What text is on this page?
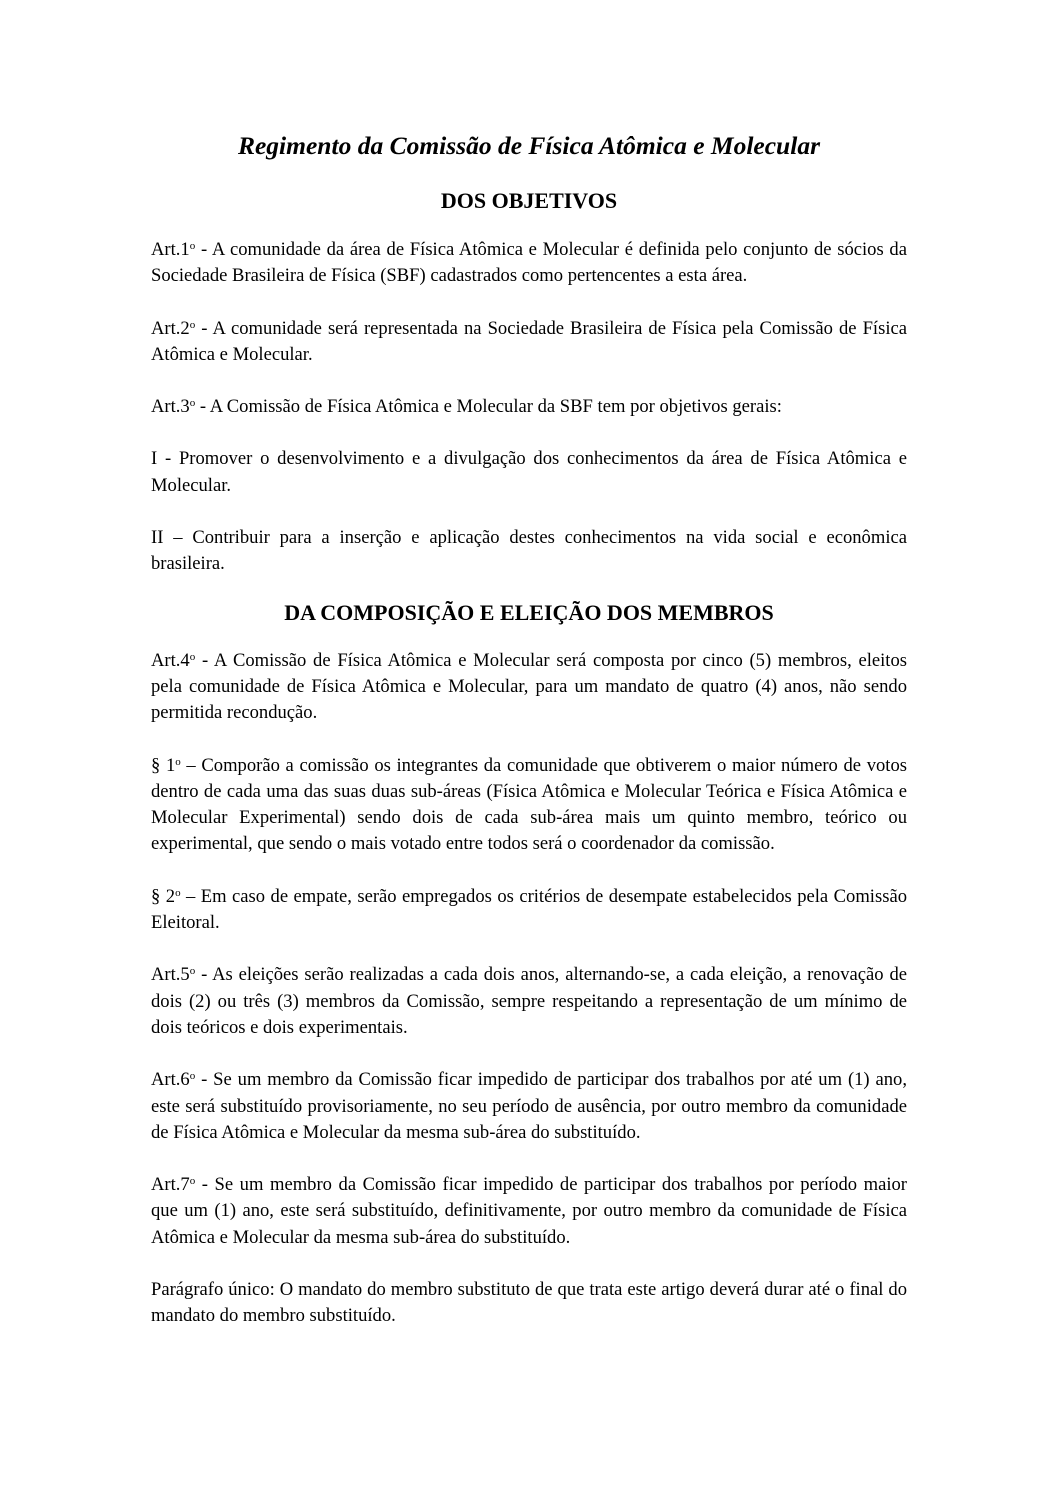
Regimento da Comissão de Física Atômica e Molecular
DOS OBJETIVOS

Art.1$^o$ - A comunidade da área de Física Atômica e Molecular é definida pelo conjunto de sócios da Sociedade Brasileira de Física (SBF) cadastrados como pertencentes a esta área.

Art.2$^o$ - A comunidade será representada na Sociedade Brasileira de Física pela Comissão de Física Atômica e Molecular.

Art.3$^o$ - A Comissão de Física Atômica e Molecular da SBF tem por objetivos gerais:

I - Promover o desenvolvimento e a divulgação dos conhecimentos da área de Física Atômica e Molecular.

II – Contribuir para a inserção e aplicação destes conhecimentos na vida social e econômica brasileira.

DA COMPOSIÇÃO E ELEIÇÃO DOS MEMBROS

Art.4$^o$ - A Comissão de Física Atômica e Molecular será composta por cinco (5) membros, eleitos pela comunidade de Física Atômica e Molecular, para um mandato de quatro (4) anos, não sendo permitida recondução.

§ 1$^o$ – Comporão a comissão os integrantes da comunidade que obtiverem o maior número de votos dentro de cada uma das suas duas sub-áreas (Física Atômica e Molecular Teórica e Física Atômica e Molecular Experimental) sendo dois de cada sub-área mais um quinto membro, teórico ou experimental, que sendo o mais votado entre todos será o coordenador da comissão.

§ 2$^o$ – Em caso de empate, serão empregados os critérios de desempate estabelecidos pela Comissão Eleitoral.

Art.5$^o$ - As eleições serão realizadas a cada dois anos, alternando-se, a cada eleição, a renovação de dois (2) ou três (3) membros da Comissão, sempre respeitando a representação de um mínimo de dois teóricos e dois experimentais.

Art.6$^o$ - Se um membro da Comissão ficar impedido de participar dos trabalhos por até um (1) ano, este será substituído provisoriamente, no seu período de ausência, por outro membro da comunidade de Física Atômica e Molecular da mesma sub-área do substituído.

Art.7$^o$ - Se um membro da Comissão ficar impedido de participar dos trabalhos por período maior que um (1) ano, este será substituído, definitivamente, por outro membro da comunidade de Física Atômica e Molecular da mesma sub-área do substituído.

Parágrafo único: O mandato do membro substituto de que trata este artigo deverá durar até o final do mandato do membro substituído.
